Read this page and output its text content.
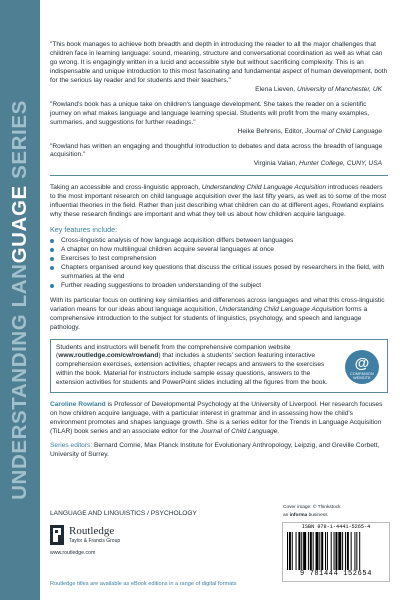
UNDERSTANDING LANGUAGE SERIES
"This book manages to achieve both breadth and depth in introducing the reader to all the major challenges that children face in learning language: sound, meaning, structure and conversational coordination as well as what can go wrong. It is engagingly written in a lucid and accessible style but without sacrificing complexity. This is an indispensable and unique introduction to this most fascinating and fundamental aspect of human development, both for the serious lay reader and for students and their teachers."
Elena Lieven, University of Manchester, UK
"Rowland's book has a unique take on children's language development. She takes the reader on a scientific journey on what makes language and language learning special. Students will profit from the many examples, summaries, and suggestions for further readings."
Heike Behrens, Editor, Journal of Child Language
"Rowland has written an engaging and thoughtful introduction to debates and data across the breadth of language acquisition."
Virginia Valian, Hunter College, CUNY, USA

Taking an accessible and cross-linguistic approach, Understanding Child Language Acquisition introduces readers to the most important research on child language acquisition over the last fifty years, as well as to some of the most influential theories in the field. Rather than just describing what children can do at different ages, Rowland explains why these research findings are important and what they tell us about how children acquire language.

Key features include:

Cross-linguistic analysis of how language acquisition differs between languages
A chapter on how multilingual children acquire several languages at once
Exercises to test comprehension
Chapters organised around key questions that discuss the critical issues posed by researchers in the field, with summaries at the end
Further reading suggestions to broaden understanding of the subject

With its particular focus on outlining key similarities and differences across languages and what this cross-linguistic variation means for our ideas about language acquisition, Understanding Child Language Acquisition forms a comprehensive introduction to the subject for students of linguistics, psychology, and speech and language pathology.

Students and instructors will benefit from the comprehensive companion website (www.routledge.com/cw/rowland) that includes a students' section featuring interactive comprehension exercises, extension activities, chapter recaps and answers to the exercises within the book. Material for instructors include sample essay questions, answers to the extension activities for students and PowerPoint slides including all the figures from the book.
@
COMPANION WEBSITE

Caroline Rowland is Professor of Developmental Psychology at the University of Liverpool. Her research focuses on how children acquire language, with a particular interest in grammar and in assessing how the child's environment promotes and shapes language growth. She is a series editor for the Trends in Language Acquisition (TiLAR) book series and an associate editor for the Journal of Child Language.

Series editors: Bernard Comrie, Max Planck Institute for Evolutionary Anthropology, Leipzig, and Greville Corbett, University of Surrey.

LANGUAGE AND LINGUISTICS / PSYCHOLOGY
Routledge
Taylor & Francis Group
www.routledge.com
Cover image: © Thinkstock
an informa business
ISBN 978-1-4441-5265-4
9 781444 152654
Routledge titles are available as eBook editions in a range of digital formats
